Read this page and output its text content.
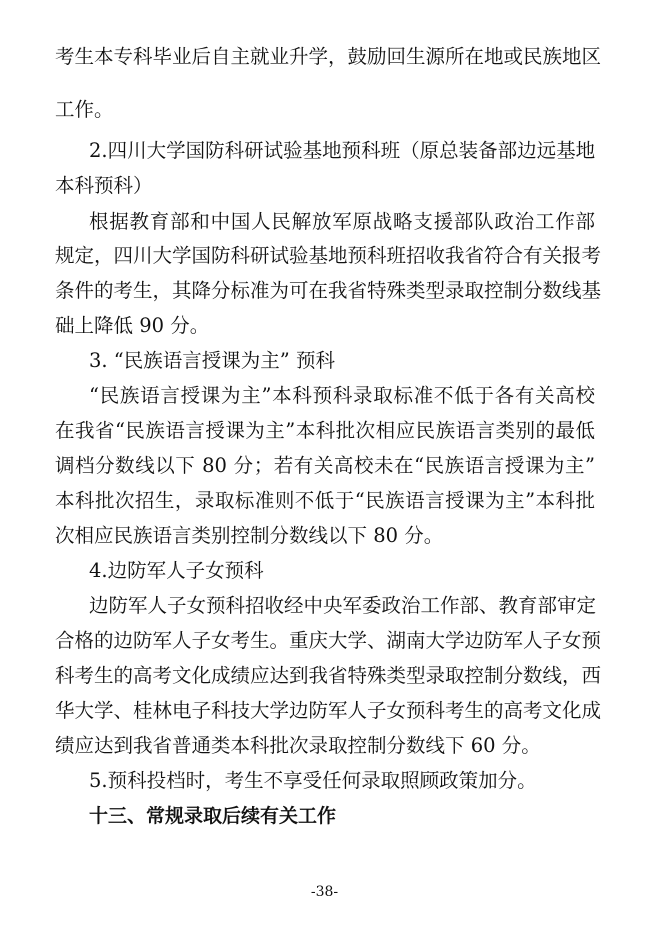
考生本专科毕业后自主就业升学，鼓励回生源所在地或民族地区
工作。
2.四川大学国防科研试验基地预科班（原总装备部边远基地
本科预科）
根据教育部和中国人民解放军原战略支援部队政治工作部
规定，四川大学国防科研试验基地预科班招收我省符合有关报考
条件的考生，其降分标准为可在我省特殊类型录取控制分数线基
础上降低 90 分。
3. “民族语言授课为主” 预科
“民族语言授课为主”本科预科录取标准不低于各有关高校
在我省“民族语言授课为主”本科批次相应民族语言类别的最低
调档分数线以下 80 分；若有关高校未在“民族语言授课为主”
本科批次招生，录取标准则不低于“民族语言授课为主”本科批
次相应民族语言类别控制分数线以下 80 分。
4.边防军人子女预科
边防军人子女预科招收经中央军委政治工作部、教育部审定
合格的边防军人子女考生。重庆大学、湖南大学边防军人子女预
科考生的高考文化成绩应达到我省特殊类型录取控制分数线，西
华大学、桂林电子科技大学边防军人子女预科考生的高考文化成
绩应达到我省普通类本科批次录取控制分数线下 60 分。
5.预科投档时，考生不享受任何录取照顾政策加分。
十三、常规录取后续有关工作
-38-
